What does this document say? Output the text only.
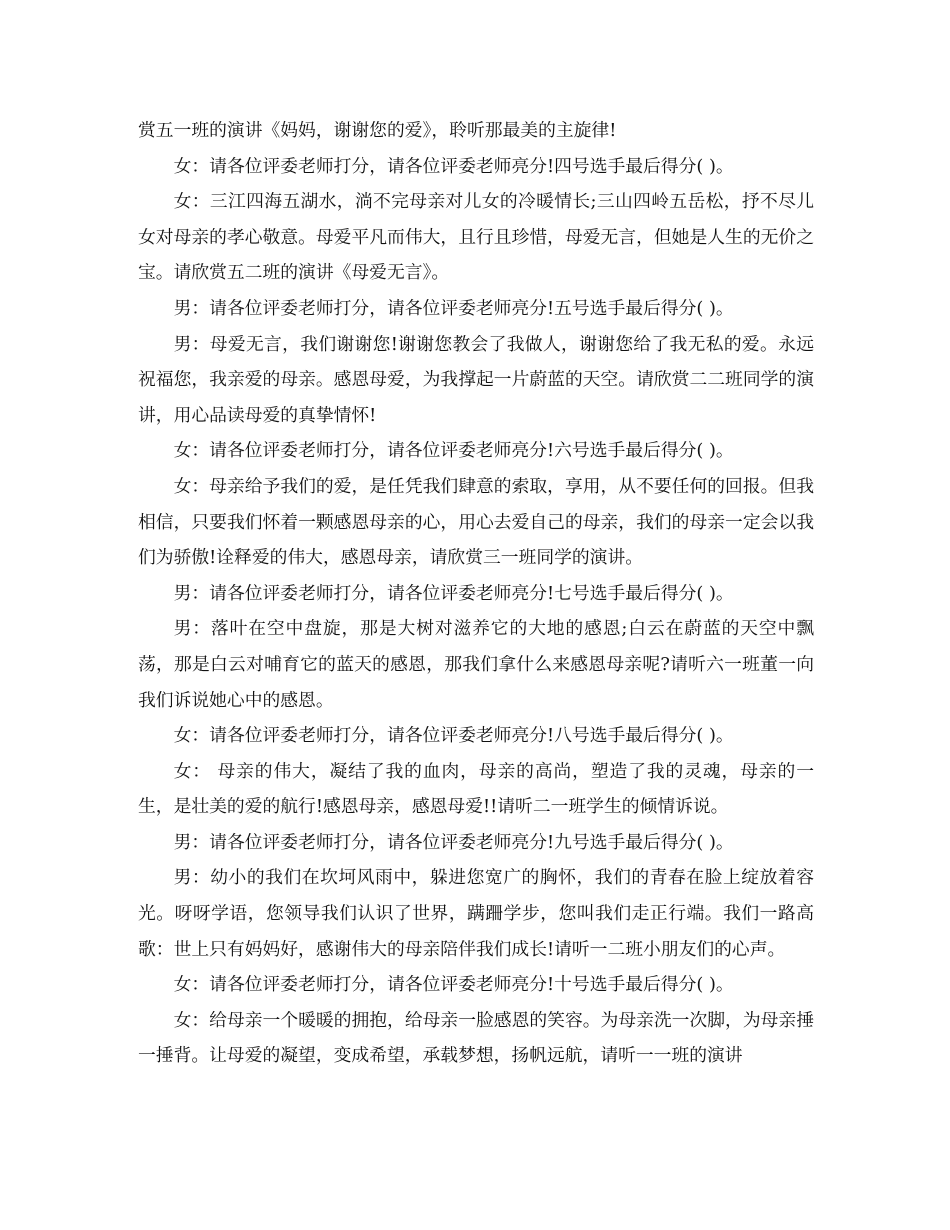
赏五一班的演讲《妈妈，谢谢您的爱》，聆听那最美的主旋律!

女：请各位评委老师打分，请各位评委老师亮分!四号选手最后得分( )。

女：三江四海五湖水，淌不完母亲对儿女的冷暖情长;三山四岭五岳松，抒不尽儿女对母亲的孝心敬意。母爱平凡而伟大，且行且珍惜，母爱无言，但她是人生的无价之宝。请欣赏五二班的演讲《母爱无言》。

男：请各位评委老师打分，请各位评委老师亮分!五号选手最后得分( )。

男：母爱无言，我们谢谢您!谢谢您教会了我做人，谢谢您给了我无私的爱。永远祝福您，我亲爱的母亲。感恩母爱，为我撑起一片蔚蓝的天空。请欣赏二二班同学的演讲，用心品读母爱的真挚情怀!

女：请各位评委老师打分，请各位评委老师亮分!六号选手最后得分( )。

女：母亲给予我们的爱，是任凭我们肆意的索取，享用，从不要任何的回报。但我相信，只要我们怀着一颗感恩母亲的心，用心去爱自己的母亲，我们的母亲一定会以我们为骄傲!诠释爱的伟大，感恩母亲，请欣赏三一班同学的演讲。

男：请各位评委老师打分，请各位评委老师亮分!七号选手最后得分( )。

男：落叶在空中盘旋，那是大树对滋养它的大地的感恩;白云在蔚蓝的天空中飘荡，那是白云对哺育它的蓝天的感恩，那我们拿什么来感恩母亲呢?请听六一班董一向我们诉说她心中的感恩。

女：请各位评委老师打分，请各位评委老师亮分!八号选手最后得分( )。

女： 母亲的伟大，凝结了我的血肉，母亲的高尚，塑造了我的灵魂，母亲的一生，是壮美的爱的航行!感恩母亲，感恩母爱!!请听二一班学生的倾情诉说。

男：请各位评委老师打分，请各位评委老师亮分!九号选手最后得分( )。

男：幼小的我们在坎坷风雨中，躲进您宽广的胸怀，我们的青春在脸上绽放着容光。呀呀学语，您领导我们认识了世界，蹒跚学步，您叫我们走正行端。我们一路高歌：世上只有妈妈好，感谢伟大的母亲陪伴我们成长!请听一二班小朋友们的心声。

女：请各位评委老师打分，请各位评委老师亮分!十号选手最后得分( )。

女：给母亲一个暖暖的拥抱，给母亲一脸感恩的笑容。为母亲洗一次脚，为母亲捶一捶背。让母爱的凝望，变成希望，承载梦想，扬帆远航，请听一一班的演讲
